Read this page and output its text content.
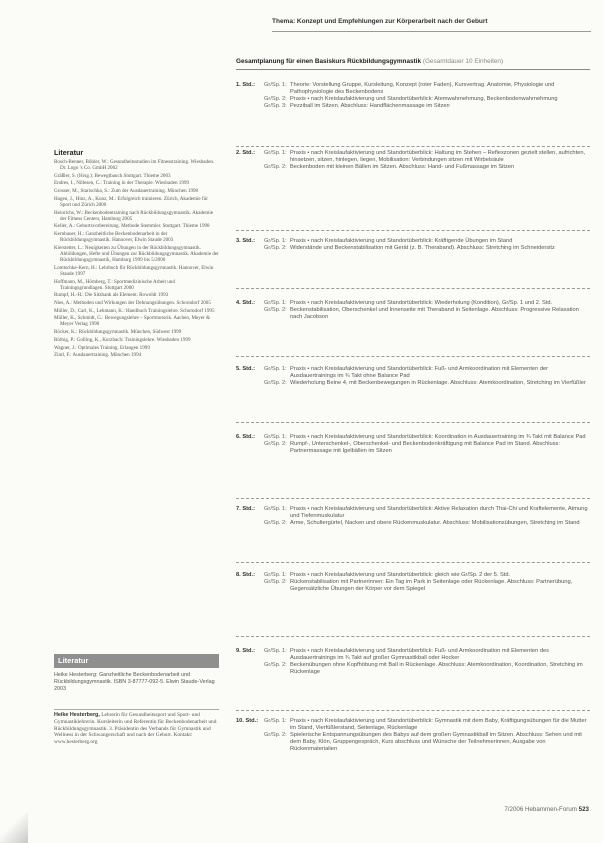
Thema: Konzept und Empfehlungen zur Körperarbeit nach der Geburt
Literatur
Bosch-Benner, Böhler, W.: Gesundheitsstudien im Fitnesstraining. Wiesbaden. Dr. Logo 's Co. GmbH 2002
Gräßler, S. (Hrsg.): Bewegtbauch Stuttgart. Thieme 2003
Endres, I., Nillesen, C.: Training in der Therapie. Wiesbaden 1999
Grosser, M., Starischka, S.: Zum der Ausdauertraining. München 1998
Hagen, J., Hinz, A., Kunz, M.: Erfolgreich trainieren. Zürich, Akademie für Sport und Zürich 2000
Heinrichs, W.: Beckenbodentraining nach Rückbildungsgymnastik. Akademie der Fitness Centers, Hamburg 2005
Keller, A.: Geburtsvorbereitung. Methode Stemmler. Stuttgart. Thieme 1998
Kernbauer, H.: Ganzheitliche Beckenbodenarbeit in der Rückbildungsgymnastik. Hannover, Elwin Staude 2003
Kierstetter, L.: Neuigkeiten zu Übungen in der Rückbildungsgymnastik. Abbildungen, Hefte und Übungen zur Rückbildungsgymnastik. Akademie der Rückbildungsgymnastik, Hamburg 1999 bis 5/2000
Lomtschke-Kern, H.: Lehrbuch für Rückbildungsgymnastik. Hannover, Elwin Staude 1997
Hoffmann, M., Hömberg, T.: Sportmedizinische Arbeit und Trainingsgrundlagen. Stuttgart 2000
Rumpf, H.-H.: Die Sitzbank als Element. Rowohlt 1993
Nies, A.: Methoden und Wirkungen der Dehnungsübungen. Schorndorf 2005
Müller, D., Carl, K., Lehmann, K.: Handbuch Trainingslehre. Schorndorf 1995
Müller, K., Schmidt, G.: Bewegungslehre – Sportmotorik. Aachen, Meyer & Meyer Verlag 1998
Röcker, K.: Rückbildungsgymnastik. München, Südwest 1999
Röthig, P.: Golling, K., Kurzbach: Trainingslehre. Wiesbaden 1999
Wagner, J.: Optimales Training. Erlangen 1999
Zintl, F.: Ausdauertraining. München 1994
Literatur
Heike Hesterberg: Ganzheitliche Beckenbodenarbeit und Rückbildungsgymnastik. ISBN 3-87777-092-5. Elwin Staude-Verlag 2003
Heike Hesterberg, Lehrerin für Gesundheitssport und Sport- und Gymnastiklehrerin. Kursleiterin und Referentin für Beckenbodenarbeit und Rückbildungsgymnastik. 3. Präsidentin des Verbands für Gymnastik und Wellness in der Schwangerschaft und nach der Geburt. Kontakt: www.hesterberg.org
Gesamtplanung für einen Basiskurs Rückbildungsgymnastik (Gesamtdauer 10 Einheiten)
1. Std.:	Gr/Sp. 1: Theorie: Vorstellung Gruppe, Kursleitung, Konzept (roter Faden), Kursvertrag. Anatomie, Physiologie und Pathophysiologie des Beckenbodens
Gr/Sp. 2: Praxis • nach Kreislaufaktivierung und Standortüberblick: Atemwahrnehmung, Beckenbodenwahrnehmung
Gr/Sp. 3: Pezziball im Sitzen. Abschluss: Handflächenmassage im Sitzen
2. Std.:	Gr/Sp. 1: Praxis • nach Kreislaufaktivierung und Standortüberblick: Haltung im Stehen – Reflexzonen gezielt stellen, aufrichten, hinsetzen, sitzen, hinlegen, liegen, Mobilisation: Verbindungen sitzen mit Wirbelsäule
Gr/Sp. 2: Beckenboden mit kleinen Bällen im Sitzen. Abschluss: Hand- und Fußmassage im Sitzen
3. Std.:	Gr/Sp. 1: Praxis • nach Kreislaufaktivierung und Standortüberblick: Kräftigende Übungen im Stand
Gr/Sp. 2: Widerstände und Beckenstabilisation mit Gerät (z. B. Theraband). Abschluss: Stretching im Schneidersitz
4. Std.:	Gr/Sp. 1: Praxis • nach Kreislaufaktivierung und Standortüberblick: Wiederholung (Kondition), Gr/Sp. 1 und 2. Std.
Gr/Sp. 2: Beckenstabilisation, Oberschenkel und Innenseite mit Theraband in Seitenlage. Abschluss: Progressive Relaxation nach Jacobson
5. Std.:	Gr/Sp. 1: Praxis • nach Kreislaufaktivierung und Standortüberblick: Fuß- und Armkoordination mit Elementen der Ausdauertrainings im ¾ Takt ohne Balance Pad
Gr/Sp. 2: Wiederholung Beine 4, mit Beckenbewegungen in Rückenlage. Abschluss: Atemkoordination, Stretching im Vierfüßler
6. Std.:	Gr/Sp. 1: Praxis • nach Kreislaufaktivierung und Standortüberblick: Koordination in Ausdauertraining im ¾ Takt mit Balance Pad
Gr/Sp. 2: Rumpf-, Unterschenkel-, Oberschenkel- und Beckenbodenkräftigung mit Balance Pad im Stand. Abschluss: Partnermassage mit Igelbällen im Sitzen
7. Std.:	Gr/Sp. 1: Praxis • nach Kreislaufaktivierung und Standortüberblick: Aktive Relaxation durch Thai-Chi und Kraftelemente, Atmung und Tiefenmuskulatur
Gr/Sp. 2: Arme, Schultergürtel, Nacken und obere Rückenmuskulatur. Abschluss: Mobilisationsübungen, Stretching im Stand
8. Std.:	Gr/Sp. 1: Praxis • nach Kreislaufaktivierung und Standortüberblick: gleich wie Gr/Sp. 2 der 5. Std.
Gr/Sp. 2: Rückenstabilisation mit Partnerinnen: Ein Tag im Park in Seitenlage oder Rückenlage. Abschluss: Partnerübung, Gegensätzliche Übungen der Körper vor dem Spiegel
9. Std.:	Gr/Sp. 1: Praxis • nach Kreislaufaktivierung und Standortüberblick: Fuß- und Armkoordination mit Elementen des Ausdauertrainings im ¾ Takt auf großer Gymnastikball oder Hocker
Gr/Sp. 2: Beckenübungen ohne Kopfhöbung mit Ball in Rückenlage. Abschluss: Atemkoordination, Koordination, Stretching im Rückenlage
10. Std.:	Gr/Sp. 1: Praxis • nach Kreislaufaktivierung und Standortüberblick: Gymnastik mit dem Baby, Kräftigungsübungen für die Mutter im Stand, Vierfüßlerstand, Seitenlage, Rückenlage
Gr/Sp. 2: Spielerische Entspannungsübungen des Babys auf dem großen Gymnastikball im Sitzen. Abschluss: Sehen und mit dem Baby, Klön, Gruppengespräch, Kurs abschluss und Wünsche der Teilnehmerinnen, Ausgabe von Rückenmaterialien
7/2006 Hebammen-Forum 523
